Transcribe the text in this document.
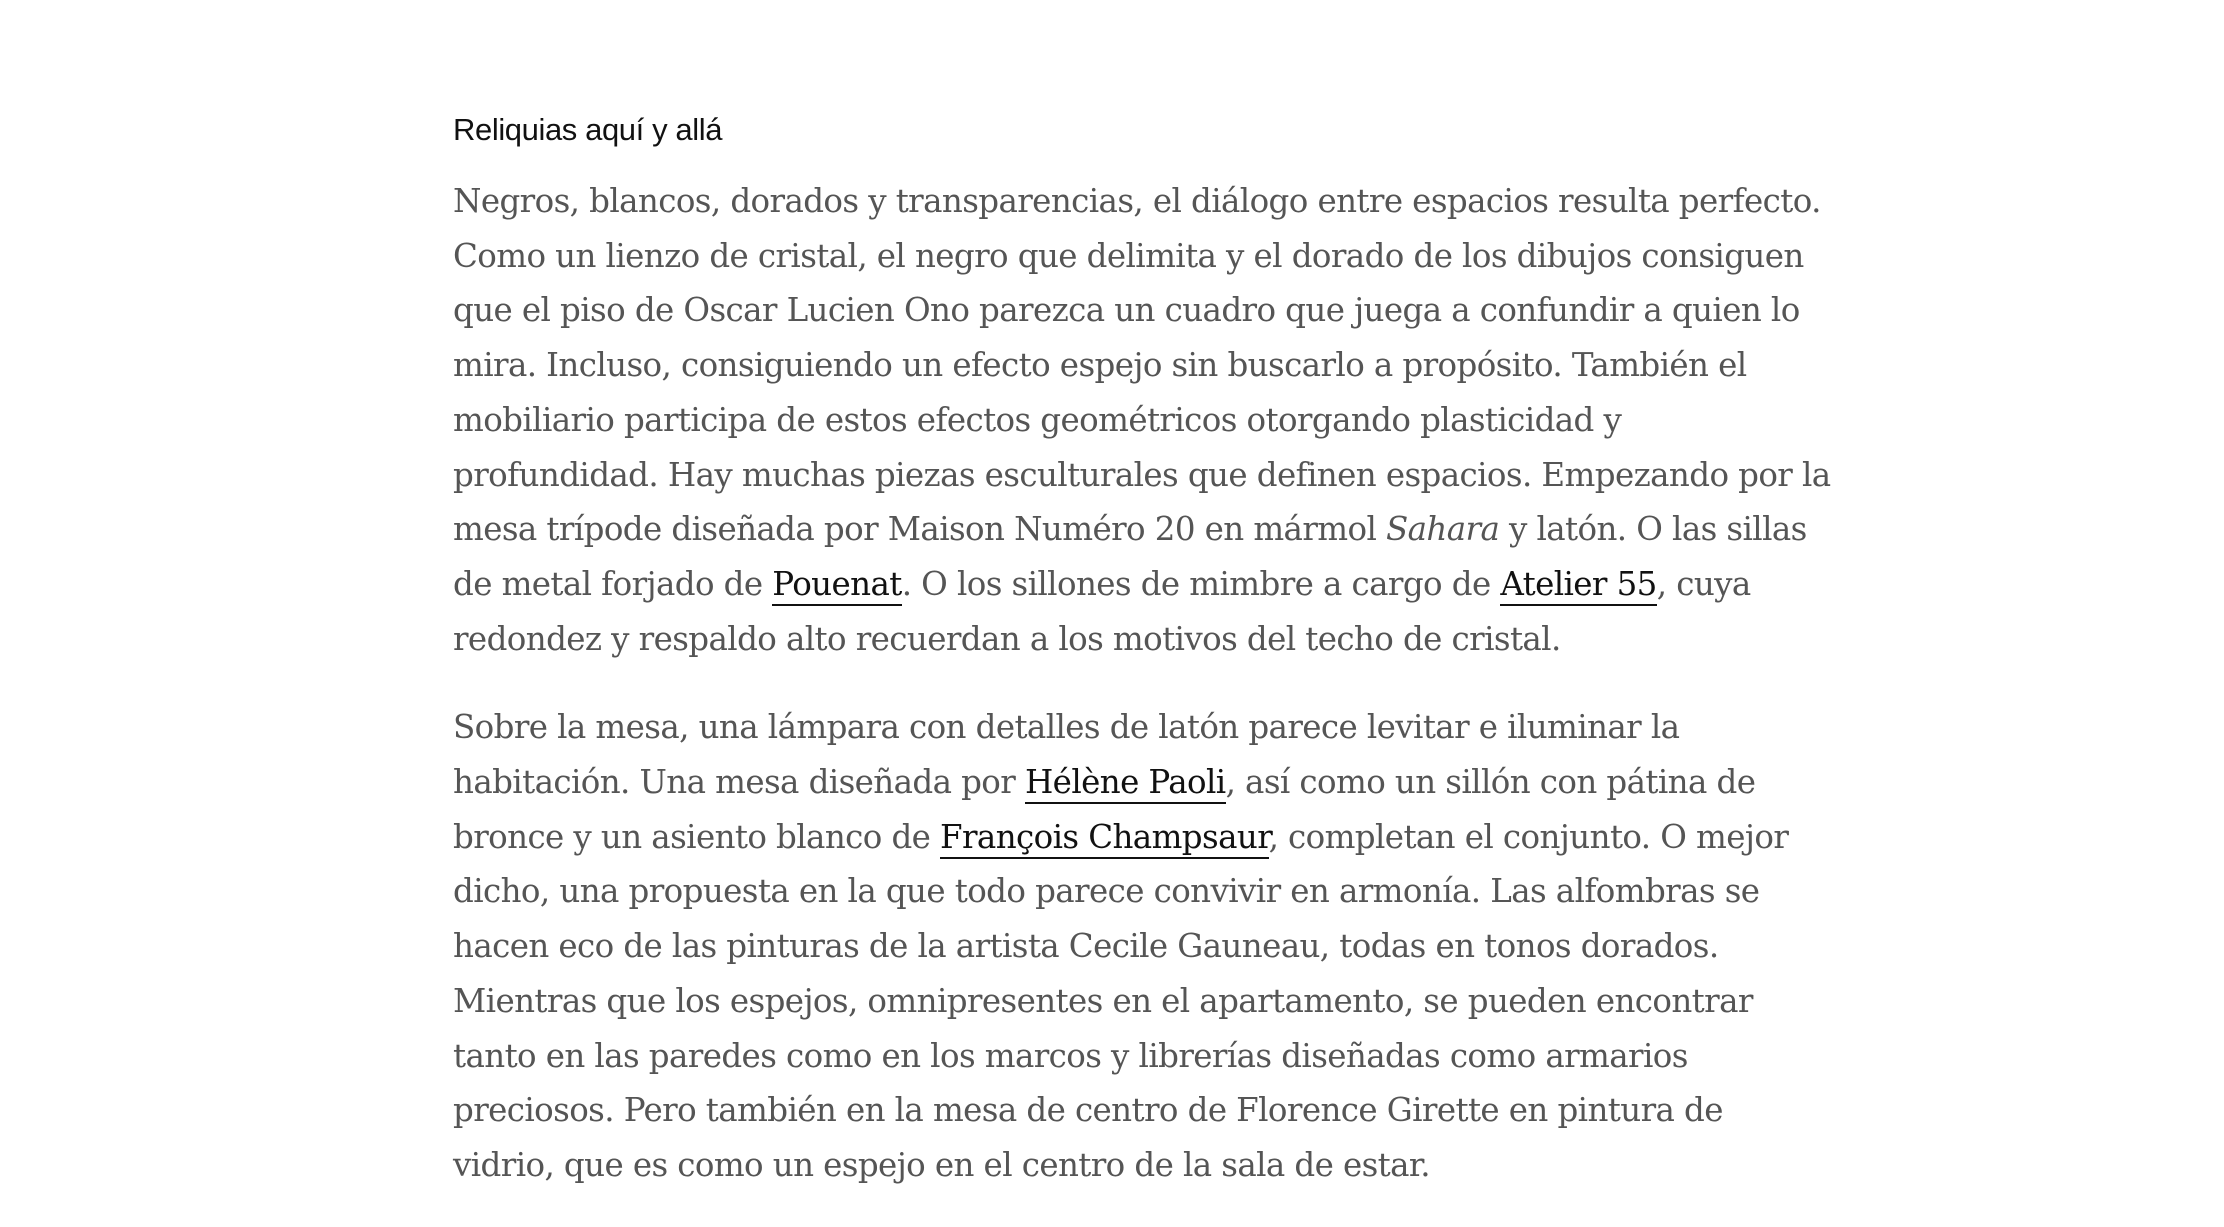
Reliquias aquí y allá

Negros, blancos, dorados y transparencias, el diálogo entre espacios resulta perfecto. Como un lienzo de cristal, el negro que delimita y el dorado de los dibujos consiguen que el piso de Oscar Lucien Ono parezca un cuadro que juega a confundir a quien lo mira. Incluso, consiguiendo un efecto espejo sin buscarlo a propósito. También el mobiliario participa de estos efectos geométricos otorgando plasticidad y profundidad. Hay muchas piezas esculturales que definen espacios. Empezando por la mesa trípode diseñada por Maison Numéro 20 en mármol Sahara y latón. O las sillas de metal forjado de Pouenat. O los sillones de mimbre a cargo de Atelier 55, cuya redondez y respaldo alto recuerdan a los motivos del techo de cristal.

Sobre la mesa, una lámpara con detalles de latón parece levitar e iluminar la habitación. Una mesa diseñada por Hélène Paoli, así como un sillón con pátina de bronce y un asiento blanco de François Champsaur, completan el conjunto. O mejor dicho, una propuesta en la que todo parece convivir en armonía. Las alfombras se hacen eco de las pinturas de la artista Cecile Gauneau, todas en tonos dorados. Mientras que los espejos, omnipresentes en el apartamento, se pueden encontrar tanto en las paredes como en los marcos y librerías diseñadas como armarios preciosos. Pero también en la mesa de centro de Florence Girette en pintura de vidrio, que es como un espejo en el centro de la sala de estar.
